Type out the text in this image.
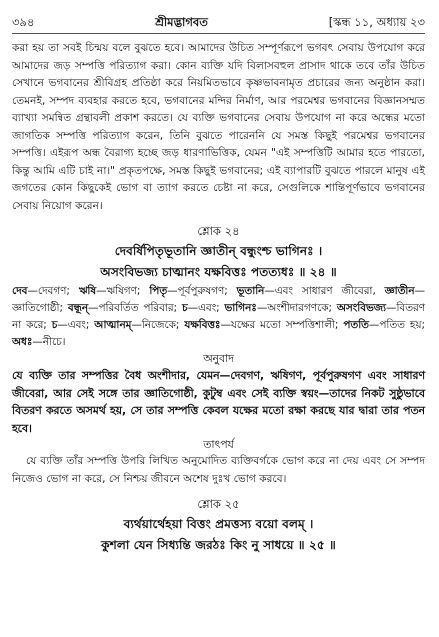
৩৯৪	শ্রীমদ্ভাগবত	[স্কন্ধ ১১, অধ্যায় ২৩

করা হয় তা সবই চিন্ময় বলে বুঝতে হবে। আমাদের উচিত সম্পূর্ণরূপে ভগবৎ সেবায় উপযোগ করে আমাদের জড় সম্পত্তি পরিত্যাগ করা। কোন ব্যক্তি যদি বিলাসবহুল প্রাসাদ থাকে তবে তাঁর উচিত সেখানে ভগবানের শ্রীবিগ্রহ প্রতিষ্ঠা করে নিয়মিতভাবে কৃষ্ণভাবনামৃত প্রচারের জন্য অনুষ্ঠান করা। তেমনই, সম্পদ ব্যবহার করতে হবে, ভগবানের মন্দির নির্মাণ, আর পরমেশ্বর ভগবানের বিজ্ঞানসম্মত ব্যাখ্যা সমন্বিত গ্রন্থাবলী প্রকাশ করতে। যে ব্যক্তি ভগবানের সেবায় উপযোগ না করে অন্ধের মতো জাগতিক সম্পত্তি পরিত্যাগ করেন, তিনি বুঝতে পারেননি যে সমস্ত কিছুই পরমেশ্বর ভগবানের সম্পত্তি। এইরূপ অন্ধ বৈরাগ্য হচ্ছে জড় ধারণাভিত্তিক, যেমন "এই সম্পত্তিটি আমার হতে পারতো, কিন্তু আমি এটি চাই না।" প্রকৃতপক্ষে, সমস্ত কিছুই ভগবানের; এই ব্যাপারটি বুঝতে পারলে মানুষ এই জগতের কোন কিছুকেই ভোগ বা ত্যাগ করতে চেষ্টা না করে, সেগুলিকে শান্তিপূর্ণভাবে ভগবানের সেবায় নিয়োগ করেন।

শ্লোক ২৪
দেবর্ষিপিতৃভূতানি জ্ঞাতীন্ বন্ধুংশ্চ ভাগিনঃ ।
অসংবিভজ্য চাত্মানং যক্ষবিত্তঃ পতত্যধঃ ॥ ২৪ ॥

দেব—দেবগণ; ঋষি—ঋষিগণ; পিতৃ—পূর্বপুরুষগণ; ভূতানি—এবং সাধারণ জীবেরা, জ্ঞাতীন—জ্ঞাতিগোষ্ঠী; বন্ধূন্—পরিবর্তিত পরিবার; চ—এবং; ভাগিনঃ—অংশীদারগণকে; অসংবিভজ্য—বিতরণ না করে; চ—এবং; আত্মানম্—নিজেকে; যক্ষবিত্তঃ—যক্ষের মতো সম্পত্তিশালী; পততি—পতিত হয়; অধঃ—নীচে।

অনুবাদ

যে ব্যক্তি তার সম্পত্তির বৈধ অংশীদার, যেমন—দেবগণ, ঋষিগণ, পূর্বপুরুষগণ এবং সাধারণ জীবেরা, আর সেই সঙ্গে তার জ্ঞাতিগোষ্ঠী, কুটুম্ব এবং সেই ব্যক্তি স্বয়ং—তাদের নিকট সুষ্ঠুভাবে বিতরণ করতে অসমর্থ হয়, সে তার সম্পত্তি কেবল যক্ষের মতো রক্ষা করছে যার দ্বারা তার পতন হবে।

তাৎপর্য

যে ব্যক্তি তাঁর সম্পত্তি উপরি লিখিত অনুমোদিত ব্যক্তিবর্গকে ভোগ করে না দেয় এবং সে সম্পদ নিজেও ভোগ না করে, সে নিশ্চয় জীবনে অশেষ দুঃখ ভোগ করবে।

শ্লোক ২৫
ব্যর্থয়ার্থেহয়া বিত্তং প্রমত্তস্য বয়ো বলম্ ।
কুশলা যেন সিধ্যন্তি জরঠঃ কিং নু সাধয়ে ॥ ২৫ ॥
